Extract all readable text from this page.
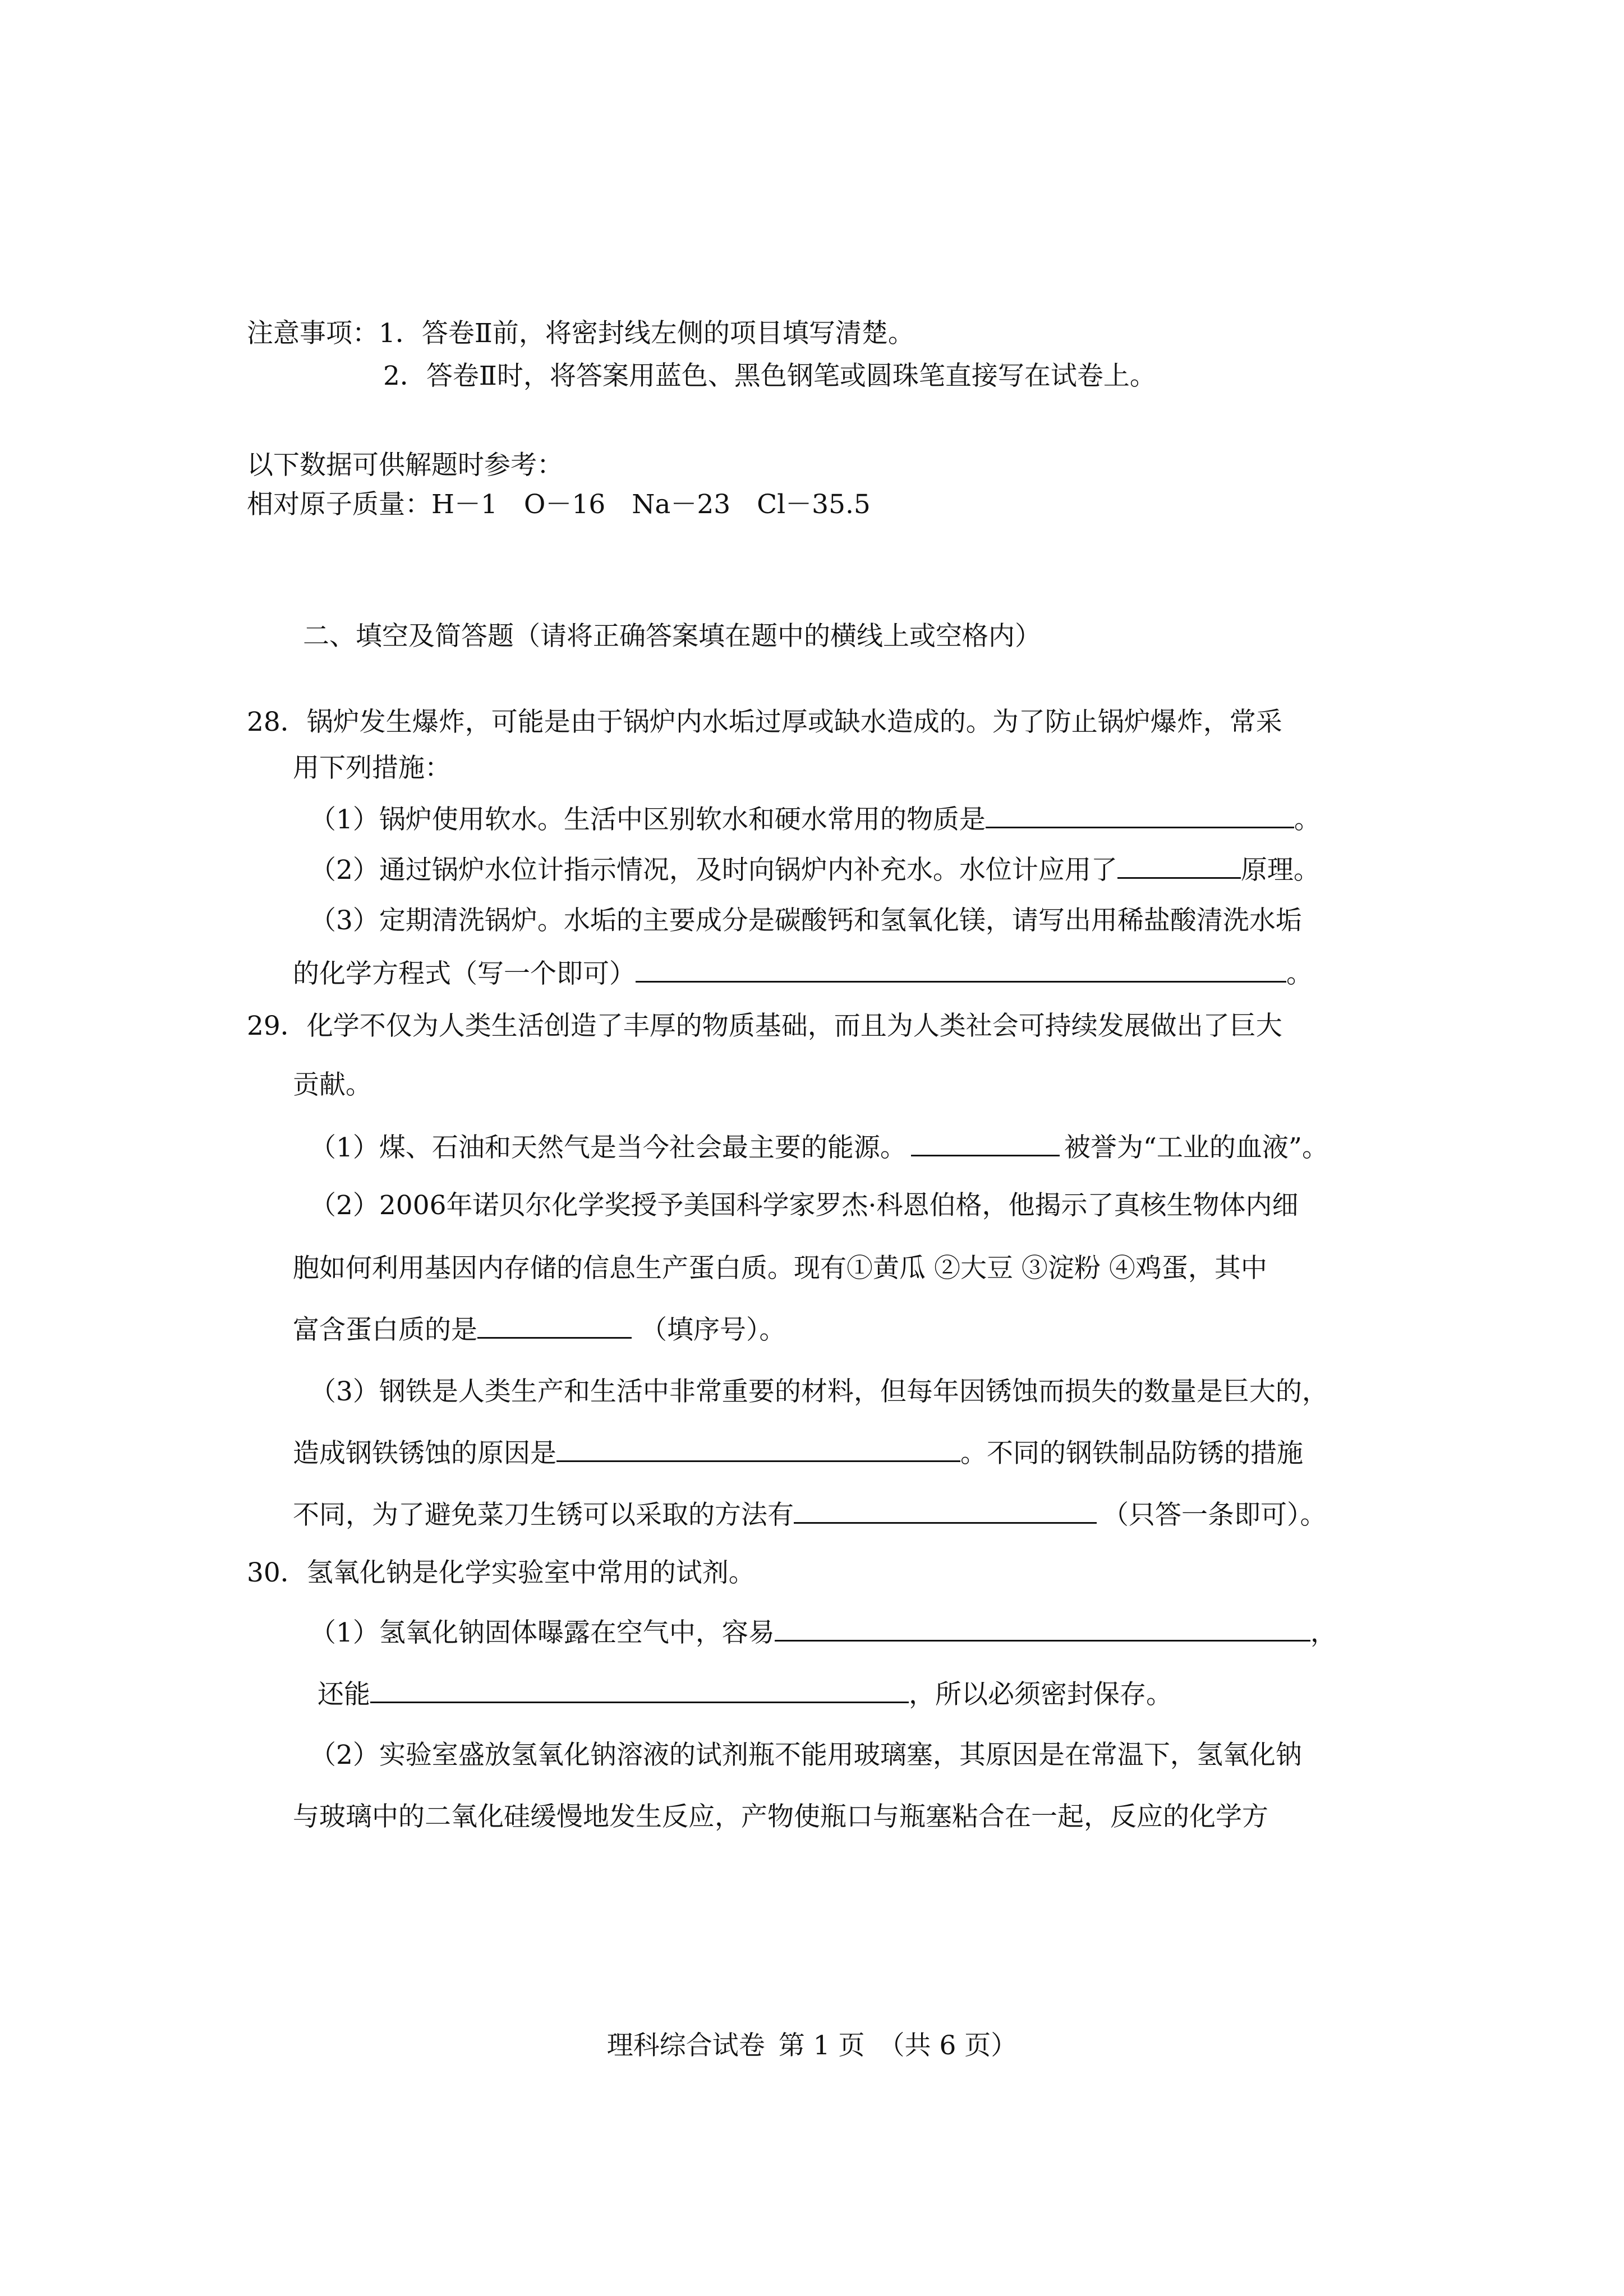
注意事项：1．答卷Ⅱ前，将密封线左侧的项目填写清楚。
2．答卷Ⅱ时，将答案用蓝色、黑色钢笔或圆珠笔直接写在试卷上。
以下数据可供解题时参考：
相对原子质量：H－1　O－16　Na－23　Cl－35.5
二、填空及简答题（请将正确答案填在题中的横线上或空格内）
28．锅炉发生爆炸，可能是由于锅炉内水垢过厚或缺水造成的。为了防止锅炉爆炸，常采
用下列措施：
（1）锅炉使用软水。生活中区别软水和硬水常用的物质是	。
（2）通过锅炉水位计指示情况，及时向锅炉内补充水。水位计应用了	原理。
（3）定期清洗锅炉。水垢的主要成分是碳酸钙和氢氧化镁，请写出用稀盐酸清洗水垢
的化学方程式（写一个即可）	。
29．化学不仅为人类生活创造了丰厚的物质基础，而且为人类社会可持续发展做出了巨大
贡献。
（1）煤、石油和天然气是当今社会最主要的能源。	被誉为“工业的血液”。
（2）2006年诺贝尔化学奖授予美国科学家罗杰·科恩伯格，他揭示了真核生物体内细
胞如何利用基因内存储的信息生产蛋白质。现有①黄瓜 ②大豆 ③淀粉 ④鸡蛋，其中
富含蛋白质的是	（填序号）。
（3）钢铁是人类生产和生活中非常重要的材料，但每年因锈蚀而损失的数量是巨大的，
造成钢铁锈蚀的原因是	。不同的钢铁制品防锈的措施
不同，为了避免菜刀生锈可以采取的方法有	（只答一条即可）。
30．氢氧化钠是化学实验室中常用的试剂。
（1）氢氧化钠固体曝露在空气中，容易	，
还能	，所以必须密封保存。
（2）实验室盛放氢氧化钠溶液的试剂瓶不能用玻璃塞，其原因是在常温下，氢氧化钠
与玻璃中的二氧化硅缓慢地发生反应，产物使瓶口与瓶塞粘合在一起，反应的化学方
理科综合试卷 第 1 页 （共 6 页）
